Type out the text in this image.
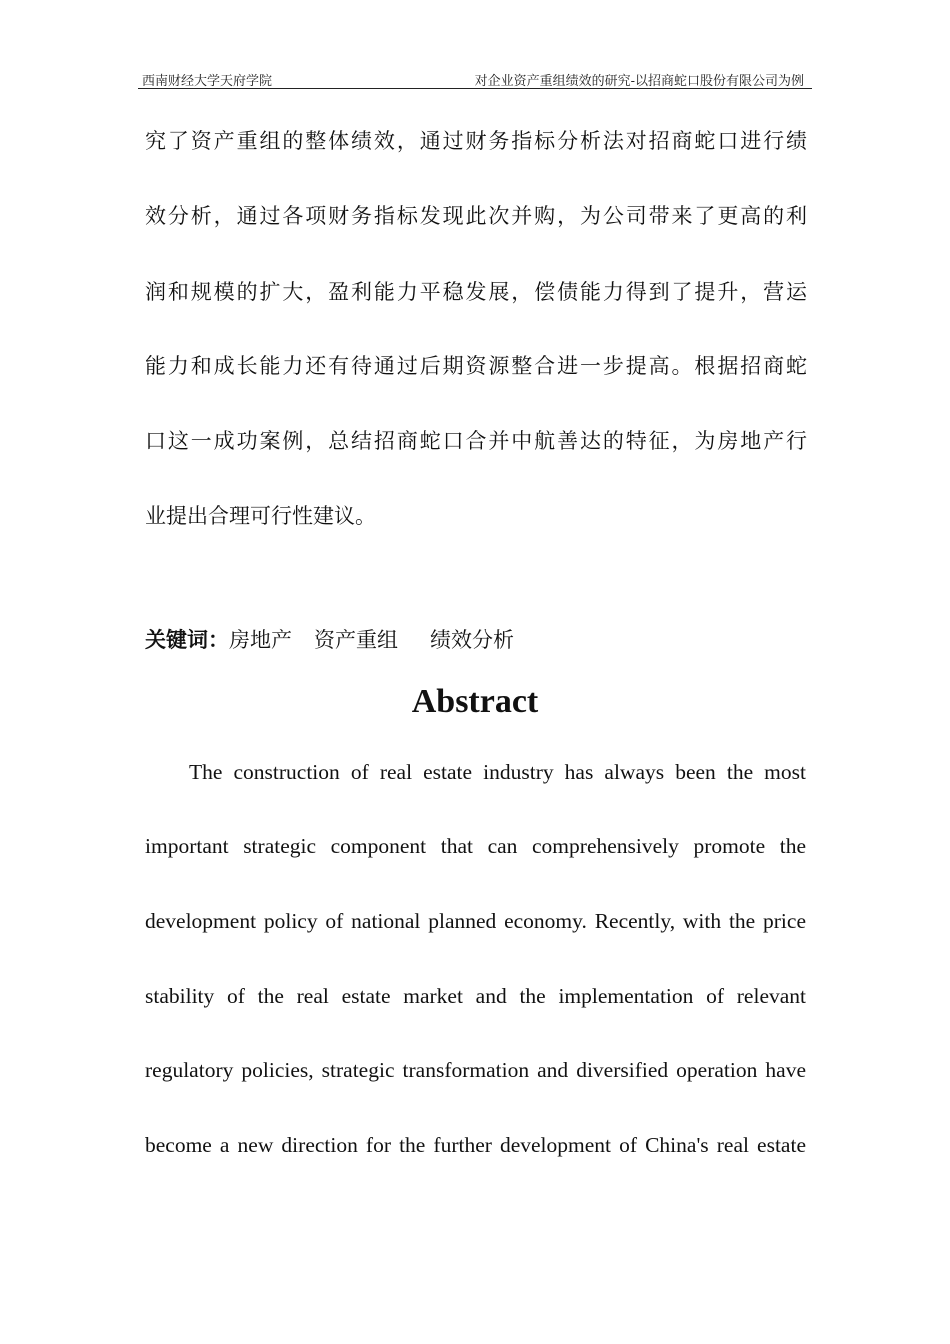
西南财经大学天府学院	对企业资产重组绩效的研究-以招商蛇口股份有限公司为例
究了资产重组的整体绩效，通过财务指标分析法对招商蛇口进行绩
效分析，通过各项财务指标发现此次并购，为公司带来了更高的利
润和规模的扩大，盈利能力平稳发展，偿债能力得到了提升，营运
能力和成长能力还有待通过后期资源整合进一步提高。根据招商蛇
口这一成功案例，总结招商蛇口合并中航善达的特征，为房地产行
业提出合理可行性建议。
关键词：房地产 资产重组 绩效分析
Abstract
The construction of real estate industry has always been the most
important strategic component that can comprehensively promote the
development policy of national planned economy. Recently, with the price
stability of the real estate market and the implementation of relevant
regulatory policies, strategic transformation and diversified operation have
become a new direction for the further development of China's real estate
